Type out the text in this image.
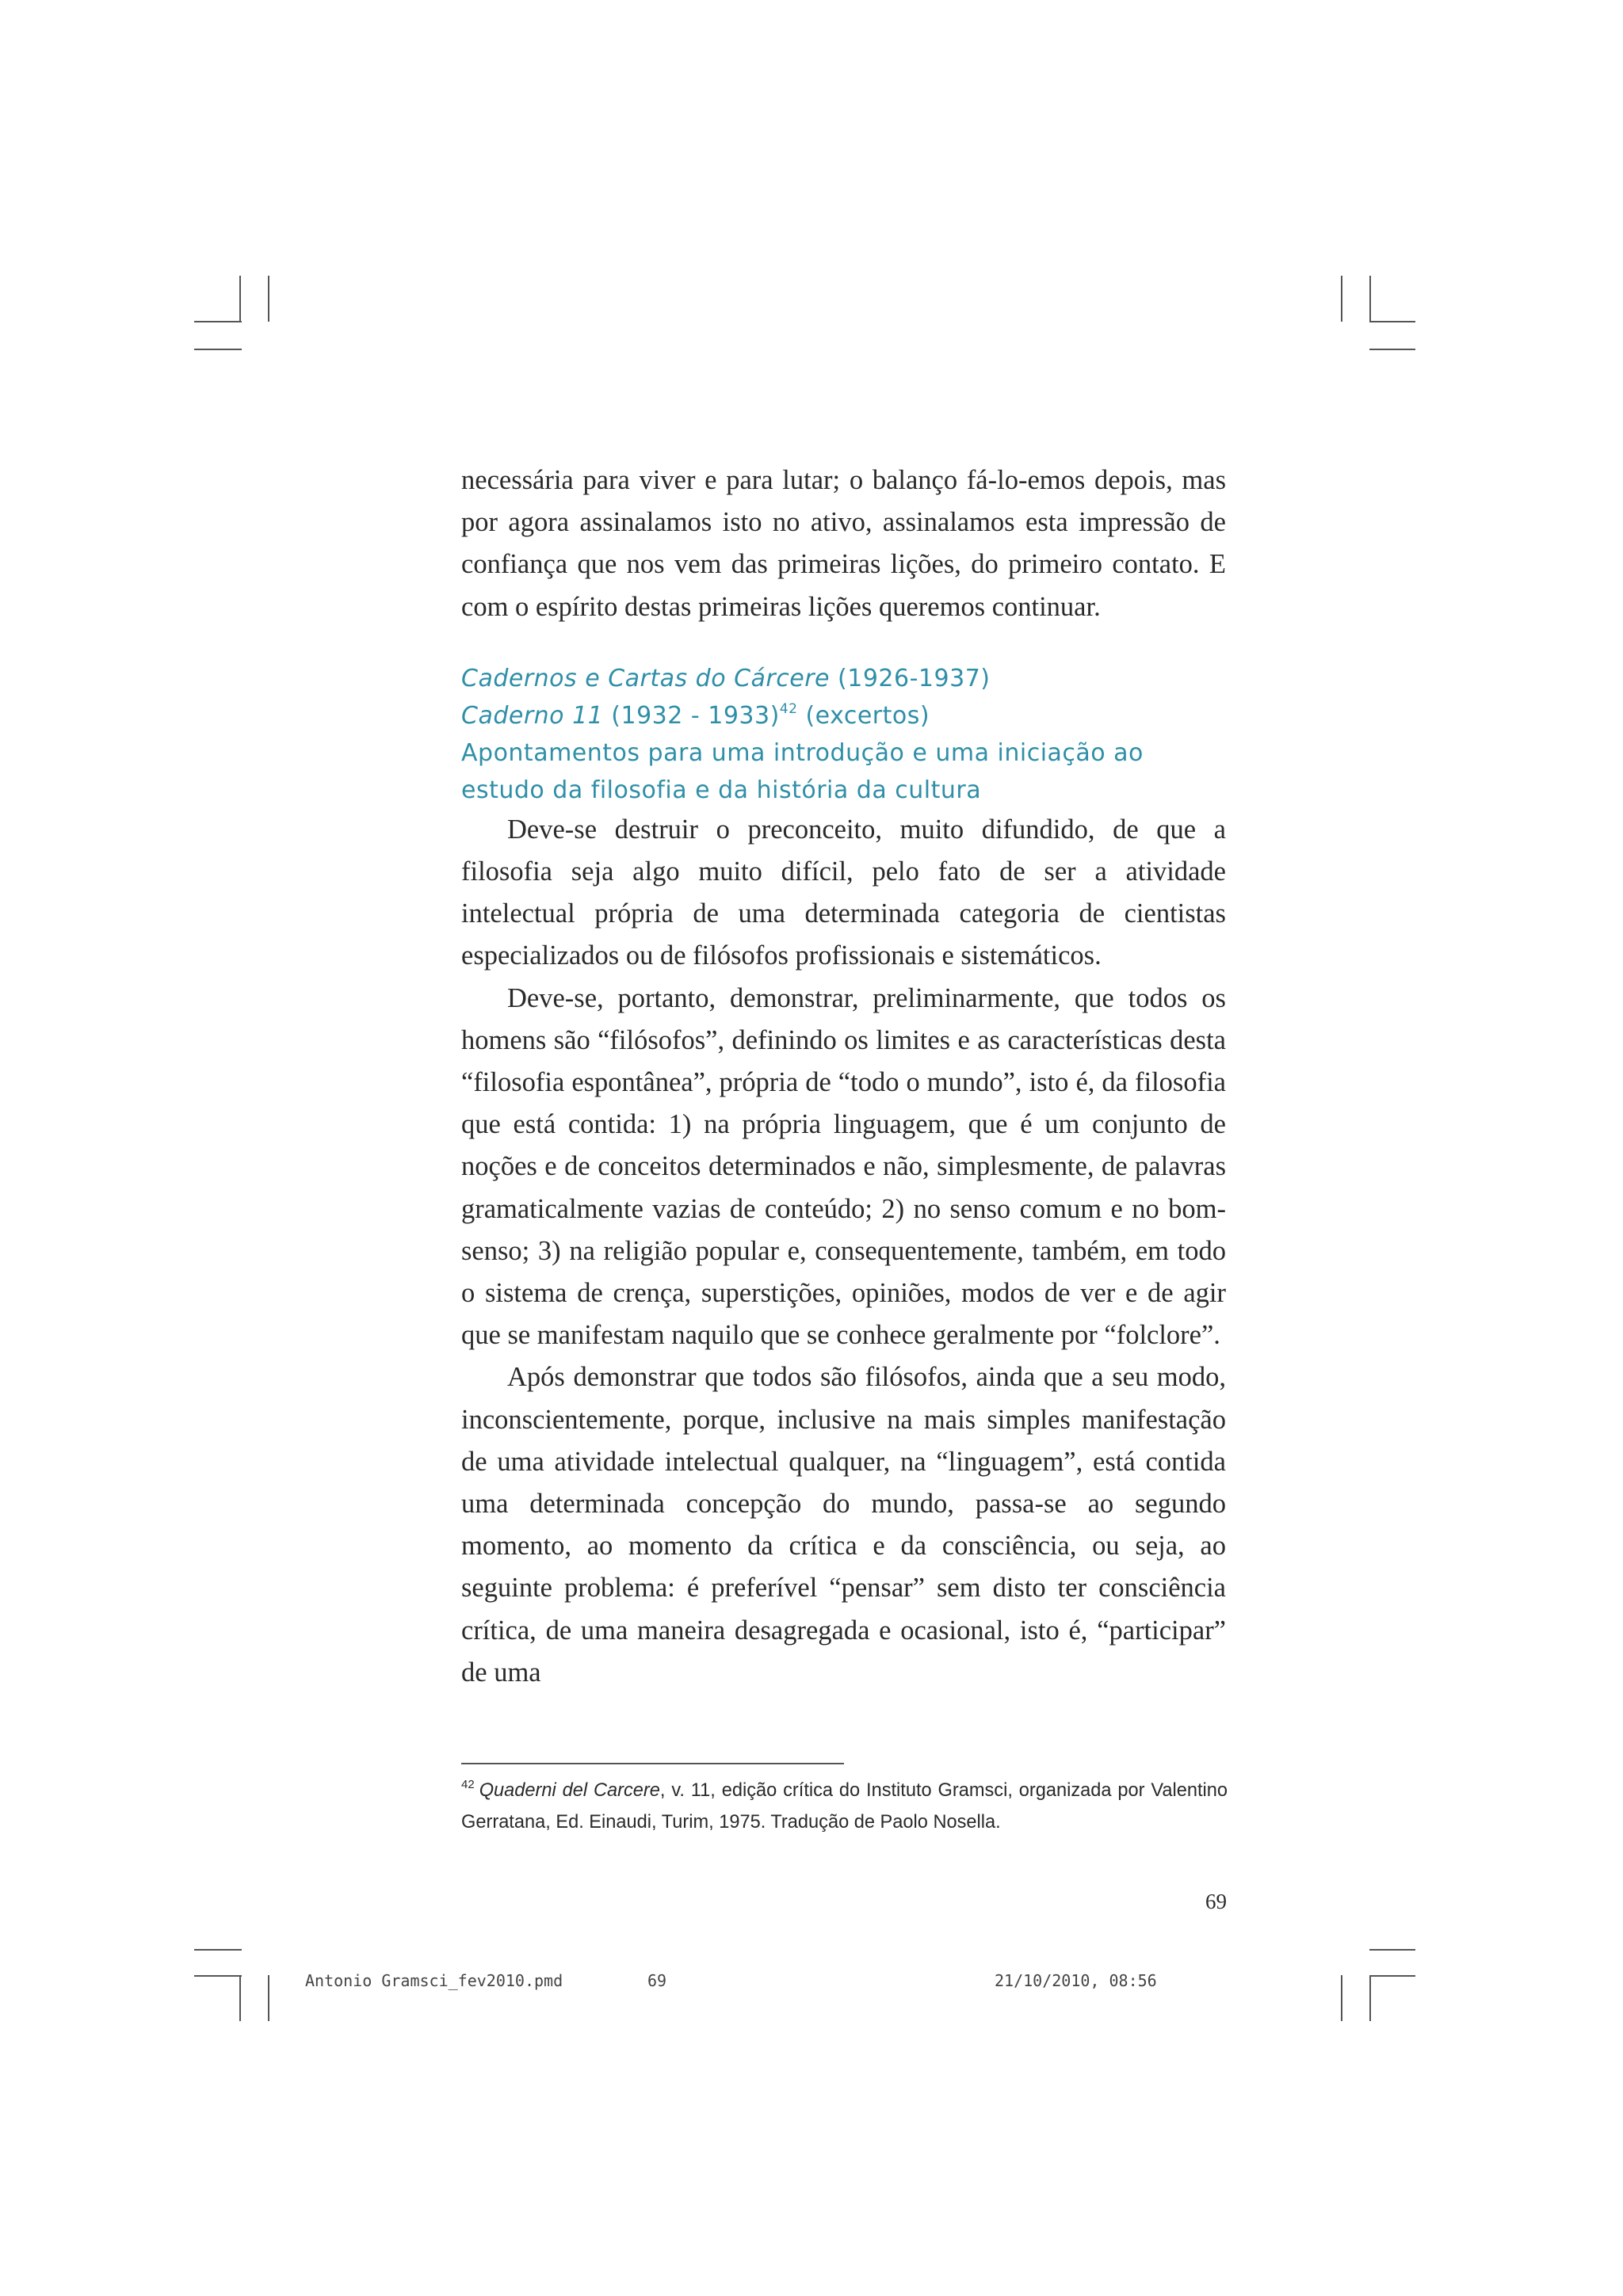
necessária para viver e para lutar; o balanço fá-lo-emos depois, mas por agora assinalamos isto no ativo, assinalamos esta impressão de confiança que nos vem das primeiras lições, do primeiro contato. E com o espírito destas primeiras lições queremos continuar.

Cadernos e Cartas do Cárcere (1926-1937)

Caderno 11 (1932 - 1933)$^{42}$ (excertos)

Apontamentos para uma introdução e uma iniciação ao estudo da filosofia e da história da cultura

Deve-se destruir o preconceito, muito difundido, de que a filosofia seja algo muito difícil, pelo fato de ser a atividade intelectual própria de uma determinada categoria de cientistas especializados ou de filósofos profissionais e sistemáticos.

Deve-se, portanto, demonstrar, preliminarmente, que todos os homens são “filósofos”, definindo os limites e as características desta “filosofia espontânea”, própria de “todo o mundo”, isto é, da filosofia que está contida: 1) na própria linguagem, que é um conjunto de noções e de conceitos determinados e não, simplesmente, de palavras gramaticalmente vazias de conteúdo; 2) no senso comum e no bom-senso; 3) na religião popular e, consequentemente, também, em todo o sistema de crença, superstições, opiniões, modos de ver e de agir que se manifestam naquilo que se conhece geralmente por “folclore”.

Após demonstrar que todos são filósofos, ainda que a seu modo, inconscientemente, porque, inclusive na mais simples manifestação de uma atividade intelectual qualquer, na “linguagem”, está contida uma determinada concepção do mundo, passa-se ao segundo momento, ao momento da crítica e da consciência, ou seja, ao seguinte problema: é preferível “pensar” sem disto ter consciência crítica, de uma maneira desagregada e ocasional, isto é, “participar” de uma

$^{42}$ Quaderni del Carcere, v. 11, edição crítica do Instituto Gramsci, organizada por Valentino Gerratana, Ed. Einaudi, Turim, 1975. Tradução de Paolo Nosella.
69
Antonio Gramsci_fev2010.pmd	69	21/10/2010, 08:56
